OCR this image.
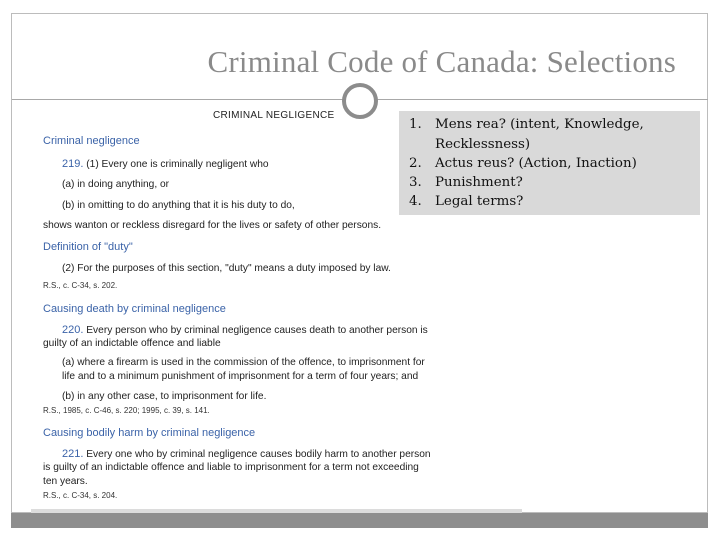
Criminal Code of Canada: Selections
CRIMINAL NEGLIGENCE
Criminal negligence
219. (1) Every one is criminally negligent who
(a) in doing anything, or
(b) in omitting to do anything that it is his duty to do,
shows wanton or reckless disregard for the lives or safety of other persons.
Definition of "duty"
(2) For the purposes of this section, "duty" means a duty imposed by law.
R.S., c. C-34, s. 202.
Causing death by criminal negligence
220. Every person who by criminal negligence causes death to another person is
guilty of an indictable offence and liable
(a) where a firearm is used in the commission of the offence, to imprisonment for
life and to a minimum punishment of imprisonment for a term of four years; and
(b) in any other case, to imprisonment for life.
R.S., 1985, c. C-46, s. 220; 1995, c. 39, s. 141.
Causing bodily harm by criminal negligence
221. Every one who by criminal negligence causes bodily harm to another person
is guilty of an indictable offence and liable to imprisonment for a term not exceeding
ten years.
R.S., c. C-34, s. 204.
1. Mens rea? (intent, Knowledge,
Recklessness)
2. Actus reus? (Action, Inaction)
3. Punishment?
4. Legal terms?
